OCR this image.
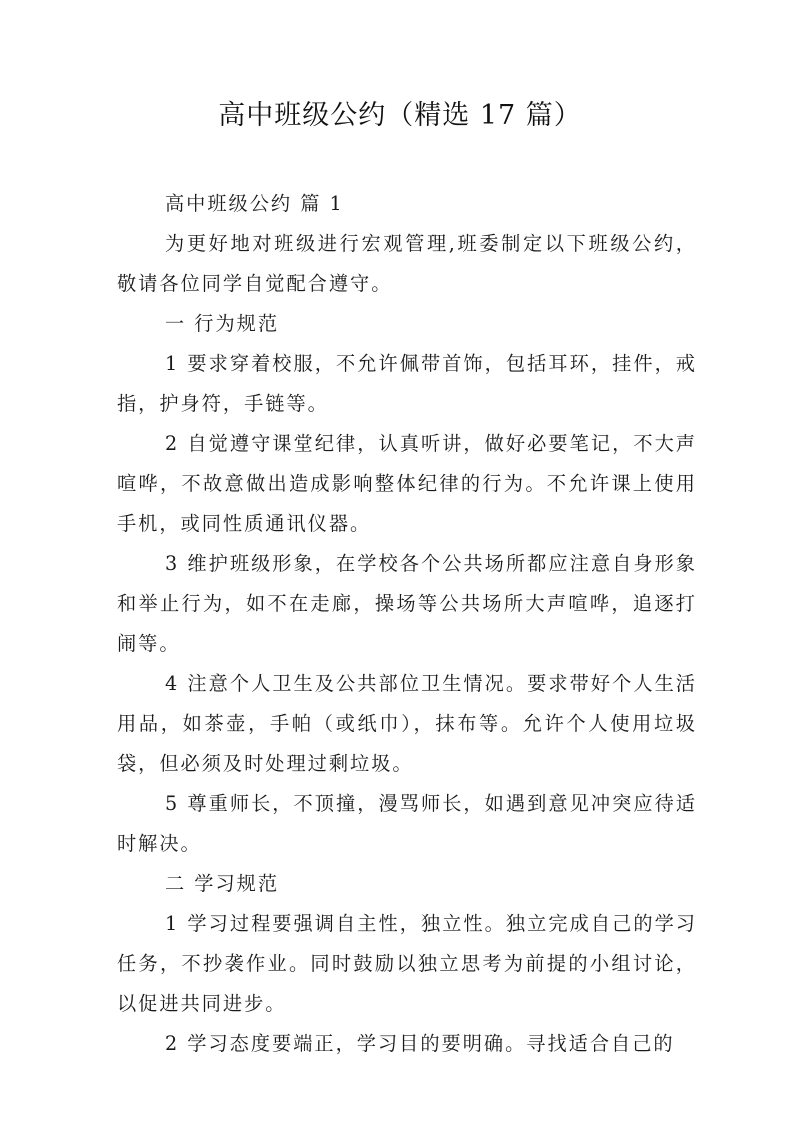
高中班级公约（精选 17 篇）

高中班级公约 篇 1

为更好地对班级进行宏观管理,班委制定以下班级公约，敬请各位同学自觉配合遵守。

一 行为规范

1 要求穿着校服，不允许佩带首饰，包括耳环，挂件，戒指，护身符，手链等。

2 自觉遵守课堂纪律，认真听讲，做好必要笔记，不大声喧哗，不故意做出造成影响整体纪律的行为。不允许课上使用手机，或同性质通讯仪器。

3 维护班级形象，在学校各个公共场所都应注意自身形象和举止行为，如不在走廊，操场等公共场所大声喧哗，追逐打闹等。

4 注意个人卫生及公共部位卫生情况。要求带好个人生活用品，如茶壶，手帕（或纸巾），抹布等。允许个人使用垃圾袋，但必须及时处理过剩垃圾。

5 尊重师长，不顶撞，漫骂师长，如遇到意见冲突应待适时解决。

二 学习规范

1 学习过程要强调自主性，独立性。独立完成自己的学习任务，不抄袭作业。同时鼓励以独立思考为前提的小组讨论，以促进共同进步。

2 学习态度要端正，学习目的要明确。寻找适合自己的
